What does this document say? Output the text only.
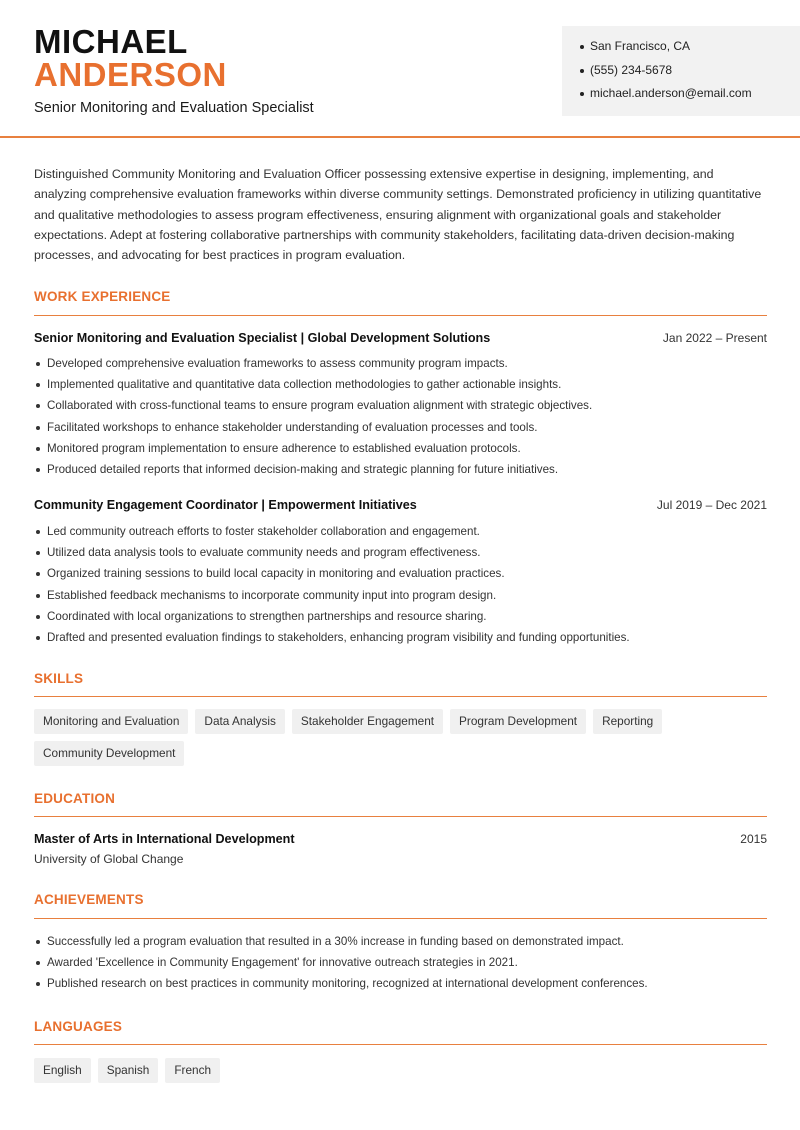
MICHAEL
ANDERSON
Senior Monitoring and Evaluation Specialist
San Francisco, CA
(555) 234-5678
michael.anderson@email.com

Distinguished Community Monitoring and Evaluation Officer possessing extensive expertise in designing, implementing, and analyzing comprehensive evaluation frameworks within diverse community settings. Demonstrated proficiency in utilizing quantitative and qualitative methodologies to assess program effectiveness, ensuring alignment with organizational goals and stakeholder expectations. Adept at fostering collaborative partnerships with community stakeholders, facilitating data-driven decision-making processes, and advocating for best practices in program evaluation.

WORK EXPERIENCE
Senior Monitoring and Evaluation Specialist | Global Development Solutions	Jan 2022 – Present
Developed comprehensive evaluation frameworks to assess community program impacts.
Implemented qualitative and quantitative data collection methodologies to gather actionable insights.
Collaborated with cross-functional teams to ensure program evaluation alignment with strategic objectives.
Facilitated workshops to enhance stakeholder understanding of evaluation processes and tools.
Monitored program implementation to ensure adherence to established evaluation protocols.
Produced detailed reports that informed decision-making and strategic planning for future initiatives.
Community Engagement Coordinator | Empowerment Initiatives	Jul 2019 – Dec 2021
Led community outreach efforts to foster stakeholder collaboration and engagement.
Utilized data analysis tools to evaluate community needs and program effectiveness.
Organized training sessions to build local capacity in monitoring and evaluation practices.
Established feedback mechanisms to incorporate community input into program design.
Coordinated with local organizations to strengthen partnerships and resource sharing.
Drafted and presented evaluation findings to stakeholders, enhancing program visibility and funding opportunities.
SKILLS
Monitoring and Evaluation	Data Analysis	Stakeholder Engagement	Program Development	Reporting
Community Development
EDUCATION
Master of Arts in International Development	2015
University of Global Change
ACHIEVEMENTS
Successfully led a program evaluation that resulted in a 30% increase in funding based on demonstrated impact.
Awarded 'Excellence in Community Engagement' for innovative outreach strategies in 2021.
Published research on best practices in community monitoring, recognized at international development conferences.
LANGUAGES
English	Spanish	French
